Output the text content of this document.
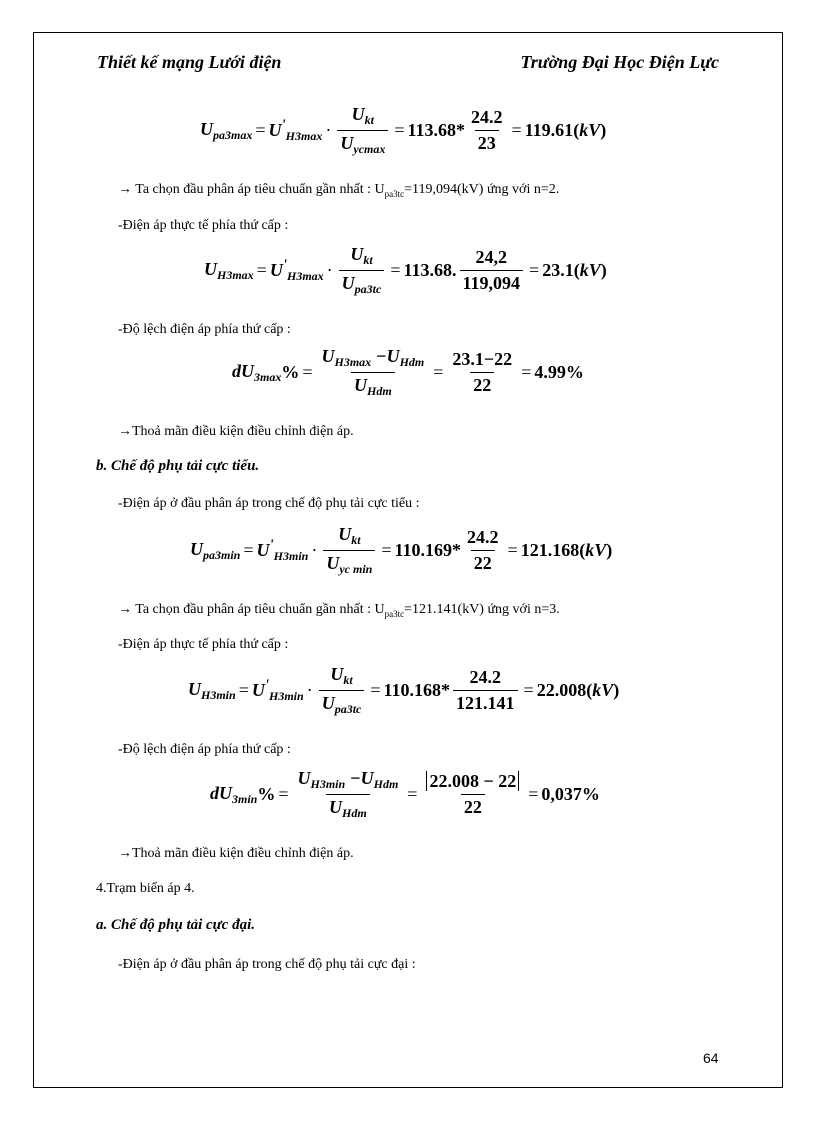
Thiết kế mạng Lưới điện	Trường Đại Học Điện Lực
$U_{pa3max} = U'_{H3max} \cdot \frac{U_{kt}}{U_{ycmax}} = 113.68 * \frac{24.2}{23} = 119.61$ ( kV )
→ Ta chọn đầu phân áp tiêu chuẩn gần nhất : $U_{pa3tc}=119,094(kV)$ ứng với n=2.
-Điện áp thực tế phía thứ cấp :
$U_{H3max} = U'_{H3max} \cdot \frac{U_{kt}}{U_{pa3tc}} = 113.68$. $\frac{24,2}{119,094} = 23.1$ ( kV )
-Độ lệch điện áp phía thứ cấp :
$dU_{3max}$ % = $\frac{U_{H3max} -U_{Hdm}}{U_{Hdm}} = \frac{23.1-22}{22} = 4.99\%$
→Thoả mãn điều kiện điều chỉnh điện áp.
b. Chế độ phụ tải cực tiểu.
-Điện áp ở đầu phân áp trong chế độ phụ tải cực tiểu :
$U_{pa3min} = U'_{H3min} \cdot \frac{U_{kt}}{U_{yc min}} = 110.169 * \frac{24.2}{22} = 121.168$ ( kV )
→ Ta chọn đầu phân áp tiêu chuẩn gần nhất : $U_{pa3tc}=121.141(kV)$ ứng với n=3.
-Điện áp thực tế phía thứ cấp :
$U_{H3min} = U'_{H3min} \cdot \frac{U_{kt}}{U_{pa3tc}} = 110.168 * \frac{24.2}{121.141} = 22.008$ ( kV )
-Độ lệch điện áp phía thứ cấp :
$dU_{3min}$ % = $\frac{U_{H3min} -U_{Hdm}}{U_{Hdm}} = \frac{22.008 - 22}{22} = 0,037\%$
→Thoả mãn điều kiện điều chỉnh điện áp.
4.Trạm biến áp 4.
a. Chế độ phụ tải cực đại.
-Điện áp ở đầu phân áp trong chế độ phụ tải cực đại :
64
